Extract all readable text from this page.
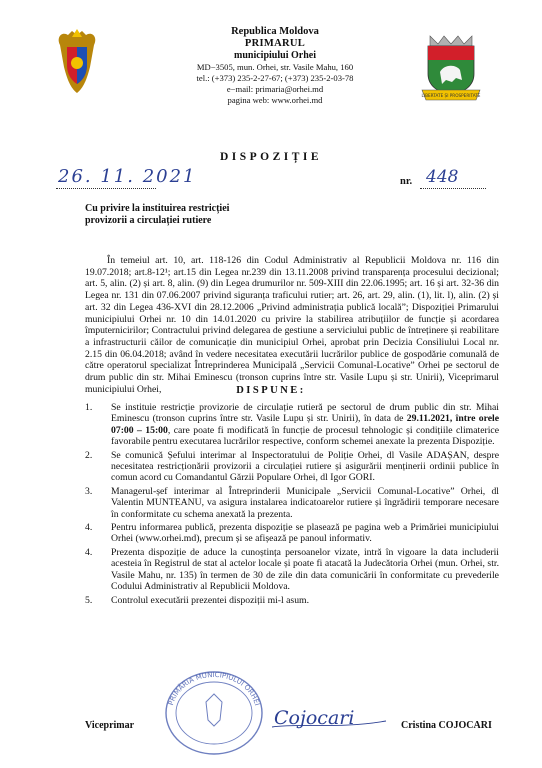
Republica Moldova
PRIMARUL
municipiului Orhei
MD−3505, mun. Orhei, str. Vasile Mahu, 160
tel.: (+373) 235-2-27-67; (+373) 235-2-03-78
e−mail: primaria@orhei.md
pagina web: www.orhei.md	LIBERTATE ȘI PROSPERITATE
DISPOZIȚIE
26. 11. 2021	nr. 448
Cu privire la instituirea restricției
provizorii a circulației rutiere

În temeiul art. 10, art. 118-126 din Codul Administrativ al Republicii Moldova nr. 116 din 19.07.2018; art.8-12¹; art.15 din Legea nr.239 din 13.11.2008 privind transparența procesului decizional; art. 5, alin. (2) și art. 8, alin. (9) din Legea drumurilor nr. 509-XIII din 22.06.1995; art. 16 și art. 32-36 din Legea nr. 131 din 07.06.2007 privind siguranța traficului rutier; art. 26, art. 29, alin. (1), lit. l), alin. (2) și art. 32 din Legea 436-XVI din 28.12.2006 „Privind administrația publică locală”; Dispoziției Primarului municipiului Orhei nr. 10 din 14.01.2020 cu privire la stabilirea atribuțiilor de funcție și acordarea împuternicirilor; Contractului privind delegarea de gestiune a serviciului public de întreținere și reabilitare a infrastructurii căilor de comunicație din municipiul Orhei, aprobat prin Decizia Consiliului Local nr. 2.15 din 06.04.2018; având în vedere necesitatea executării lucrărilor publice de gospodărie comunală de către operatorul specializat Întreprinderea Municipală „Servicii Comunal-Locative” Orhei pe sectorul de drum public din str. Mihai Eminescu (tronson cuprins între str. Vasile Lupu și str. Unirii), Viceprimarul municipiului Orhei,	DISPUNE:
1. Se instituie restricție provizorie de circulație rutieră pe sectorul de drum public din str. Mihai Eminescu (tronson cuprins între str. Vasile Lupu și str. Unirii), în data de 29.11.2021, între orele 07:00 – 15:00, care poate fi modificată în funcție de procesul tehnologic și condițiile climaterice favorabile pentru executarea lucrărilor respective, conform schemei anexate la prezenta Dispoziție.
2. Se comunică Șefului interimar al Inspectoratului de Poliție Orhei, dl Vasile ADAȘAN, despre necesitatea restricționării provizorii a circulației rutiere și asigurării menținerii ordinii publice în comun acord cu Comandantul Gărzii Populare Orhei, dl Igor GORI.
3. Managerul-șef interimar al Întreprinderii Municipale „Servicii Comunal-Locative” Orhei, dl Valentin MUNTEANU, va asigura instalarea indicatoarelor rutiere și îngrădirii temporare necesare în conformitate cu schema anexată la prezenta.
4. Pentru informarea publică, prezenta dispoziție se plasează pe pagina web a Primăriei municipiului Orhei (www.orhei.md), precum și se afișează pe panoul informativ.
4. Prezenta dispoziție de aduce la cunoștința persoanelor vizate, intră în vigoare la data includerii acesteia în Registrul de stat al actelor locale și poate fi atacată la Judecătoria Orhei (mun. Orhei, str. Vasile Mahu, nr. 135) în termen de 30 de zile din data comunicării în conformitate cu prevederile Codului Administrativ al Republicii Moldova.
5. Controlul executării prezentei dispoziții mi-l asum.
PRIMĂRIA MUNICIPIULUI ORHEI
Viceprimar	Cojocari	Cristina COJOCARI
